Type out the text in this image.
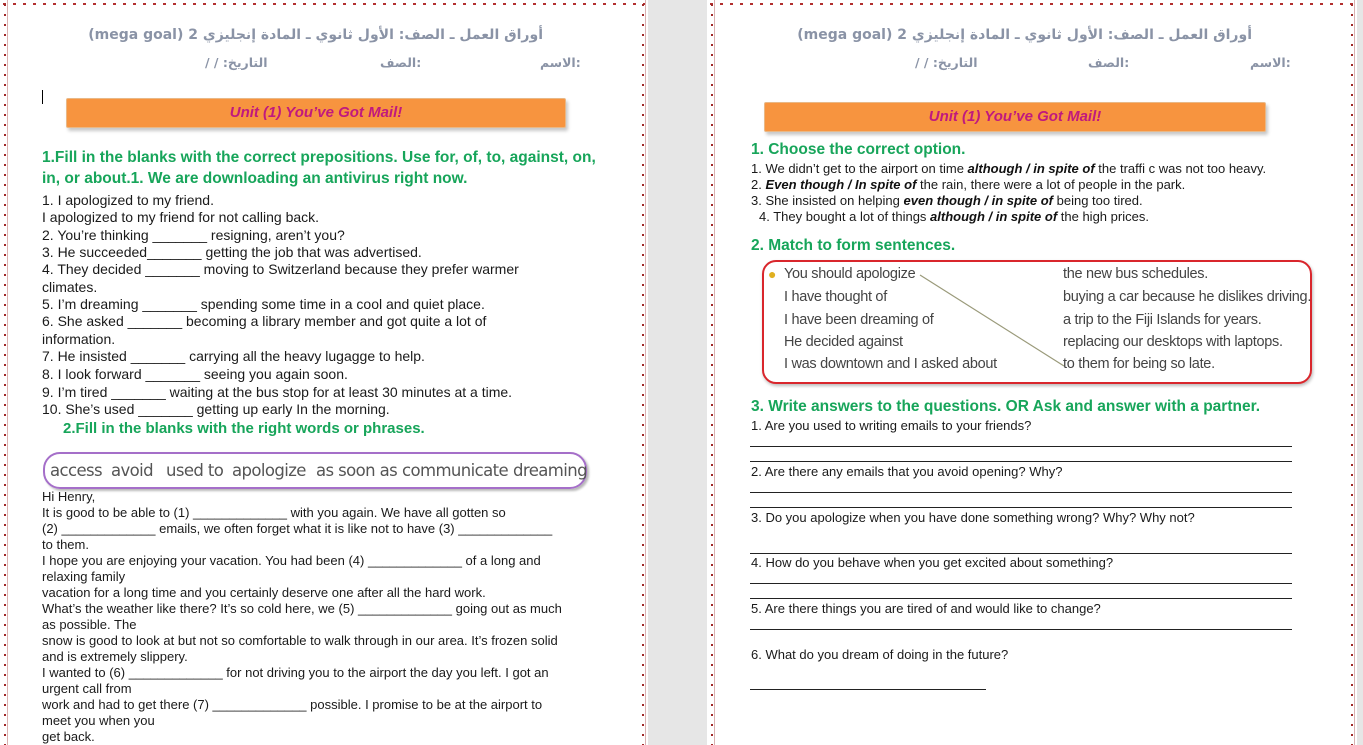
أوراق العمل ـ الصف: الأول ثانوي ـ المادة إنجليزي 2 (mega goal)
الاسم:
الصف:
التاريخ: / /
Unit (1) You’ve Got Mail!
1.Fill in the blanks with the correct prepositions. Use for, of, to, against, on, in, or about.1. We are downloading an antivirus right now.
1. I apologized to my friend.
I apologized to my friend for not calling back.
2. You’re thinking _______ resigning, aren’t you?
3. He succeeded_______ getting the job that was advertised.
4. They decided _______ moving to Switzerland because they prefer warmer
climates.
5. I’m dreaming _______ spending some time in a cool and quiet place.
6. She asked _______ becoming a library member and got quite a lot of
information.
7. He insisted _______ carrying all the heavy lugagge to help.
8. I look forward _______ seeing you again soon.
9. I’m tired _______ waiting at the bus stop for at least 30 minutes at a time.
10. She’s used _______ getting up early In the morning.
2.Fill in the blanks with the right words or phrases.
access avoid used to apologize as soon as communicate dreaming
Hi Henry,
It is good to be able to (1) _____________ with you again. We have all gotten so
(2) _____________ emails, we often forget what it is like not to have (3) _____________
to them.
I hope you are enjoying your vacation. You had been (4) _____________ of a long and
relaxing family
vacation for a long time and you certainly deserve one after all the hard work.
What’s the weather like there? It’s so cold here, we (5) _____________ going out as much
as possible. The
snow is good to look at but not so comfortable to walk through in our area. It’s frozen solid
and is extremely slippery.
I wanted to (6) _____________ for not driving you to the airport the day you left. I got an
urgent call from
work and had to get there (7) _____________ possible. I promise to be at the airport to
meet you when you
get back.
أوراق العمل ـ الصف: الأول ثانوي ـ المادة إنجليزي 2 (mega goal)
الاسم:
الصف:
التاريخ: / /
Unit (1) You’ve Got Mail!
1. Choose the correct option.
1. We didn’t get to the airport on time although / in spite of the traffi c was not too heavy.
2. Even though / In spite of the rain, there were a lot of people in the park.
3. She insisted on helping even though / in spite of being too tired.
4. They bought a lot of things although / in spite of the high prices.
2. Match to form sentences.
● You should apologize
I have thought of
I have been dreaming of
He decided against
I was downtown and I asked about
the new bus schedules.
buying a car because he dislikes driving.
a trip to the Fiji Islands for years.
replacing our desktops with laptops.
to them for being so late.
3. Write answers to the questions. OR Ask and answer with a partner.
1. Are you used to writing emails to your friends?
2. Are there any emails that you avoid opening? Why?
3. Do you apologize when you have done something wrong? Why? Why not?
4. How do you behave when you get excited about something?
5. Are there things you are tired of and would like to change?
6. What do you dream of doing in the future?
